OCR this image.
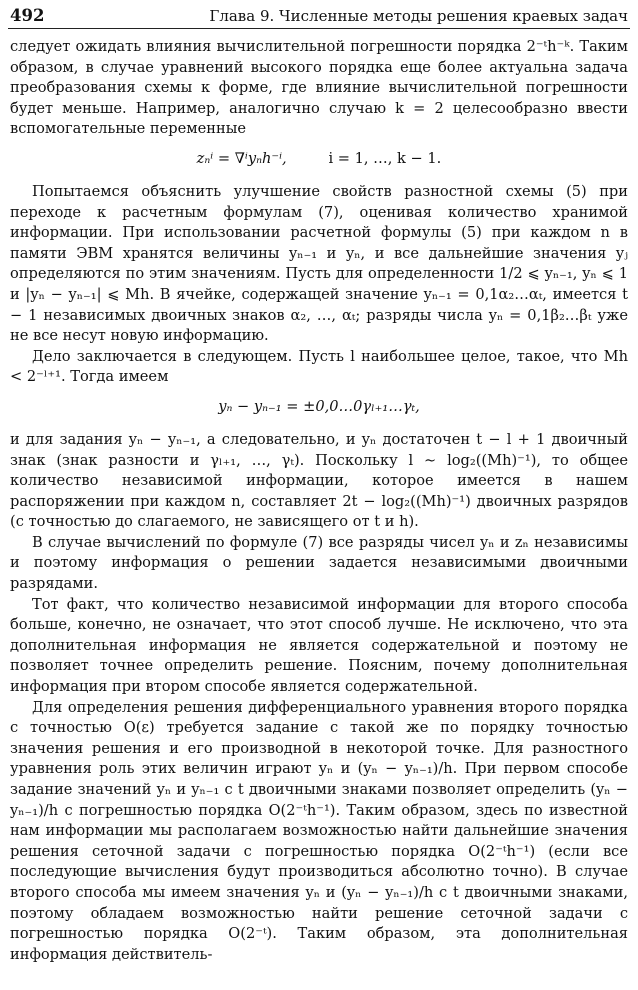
492	Глава 9. Численные методы решения краевых задач

следует ожидать влияния вычислительной погрешности порядка 2⁻ᵗh⁻ᵏ. Таким образом, в случае уравнений высокого порядка еще более актуальна задача преобразования схемы к форме, где влияние вычислительной погрешности будет меньше. Например, аналогично случаю k = 2 целесообразно ввести вспомогательные переменные

zₙⁱ = ∇ⁱyₙh⁻ⁱ,	i = 1, …, k − 1.

Попытаемся объяснить улучшение свойств разностной схемы (5) при переходе к расчетным формулам (7), оценивая количество хранимой информации. При использовании расчетной формулы (5) при каждом n в памяти ЭВМ хранятся величины yₙ₋₁ и yₙ, и все дальнейшие значения yⱼ определяются по этим значениям. Пусть для определенности 1/2 ⩽ yₙ₋₁, yₙ ⩽ 1 и |yₙ − yₙ₋₁| ⩽ Mh. В ячейке, содержащей значение yₙ₋₁ = 0,1α₂…αₜ, имеется t − 1 независимых двоичных знаков α₂, …, αₜ; разряды числа yₙ = 0,1β₂…βₜ уже не все несут новую информацию.

Дело заключается в следующем. Пусть l наибольшее целое, такое, что Mh < 2⁻ˡ⁺¹. Тогда имеем

yₙ − yₙ₋₁ = ±0,0…0γₗ₊₁…γₜ,

и для задания yₙ − yₙ₋₁, а следовательно, и yₙ достаточен t − l + 1 двоичный знак (знак разности и γₗ₊₁, …, γₜ). Поскольку l ∼ log₂((Mh)⁻¹), то общее количество независимой информации, которое имеется в нашем распоряжении при каждом n, составляет 2t − log₂((Mh)⁻¹) двоичных разрядов (с точностью до слагаемого, не зависящего от t и h).

В случае вычислений по формуле (7) все разряды чисел yₙ и zₙ независимы и поэтому информация о решении задается независимыми двоичными разрядами.

Тот факт, что количество независимой информации для второго способа больше, конечно, не означает, что этот способ лучше. Не исключено, что эта дополнительная информация не является содержательной и поэтому не позволяет точнее определить решение. Поясним, почему дополнительная информация при втором способе является содержательной.

Для определения решения дифференциального уравнения второго порядка с точностью O(ε) требуется задание с такой же по порядку точностью значения решения и его производной в некоторой точке. Для разностного уравнения роль этих величин играют yₙ и (yₙ − yₙ₋₁)/h. При первом способе задание значений yₙ и yₙ₋₁ с t двоичными знаками позволяет определить (yₙ − yₙ₋₁)/h с погрешностью порядка O(2⁻ᵗh⁻¹). Таким образом, здесь по известной нам информации мы располагаем возможностью найти дальнейшие значения решения сеточной задачи с погрешностью порядка O(2⁻ᵗh⁻¹) (если все последующие вычисления будут производиться абсолютно точно). В случае второго способа мы имеем значения yₙ и (yₙ − yₙ₋₁)/h с t двоичными знаками, поэтому обладаем возможностью найти решение сеточной задачи с погрешностью порядка O(2⁻ᵗ). Таким образом, эта дополнительная информация действитель-
